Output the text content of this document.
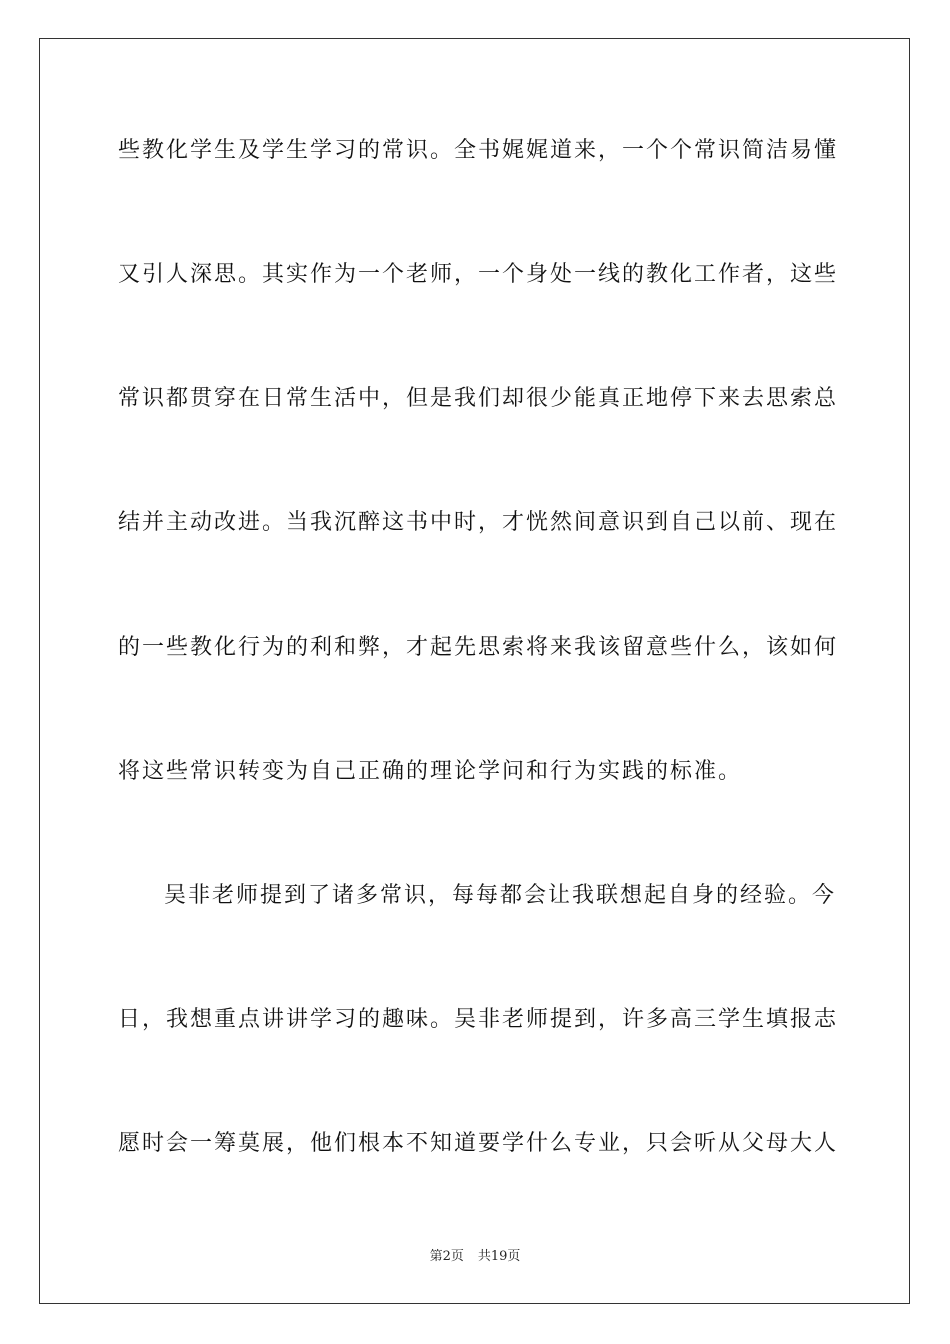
些教化学生及学生学习的常识。全书娓娓道来，一个个常识简洁易懂
又引人深思。其实作为一个老师，一个身处一线的教化工作者，这些
常识都贯穿在日常生活中，但是我们却很少能真正地停下来去思索总
结并主动改进。当我沉醉这书中时，才恍然间意识到自己以前、现在
的一些教化行为的利和弊，才起先思索将来我该留意些什么，该如何
将这些常识转变为自己正确的理论学问和行为实践的标准。
吴非老师提到了诸多常识，每每都会让我联想起自身的经验。今
日，我想重点讲讲学习的趣味。吴非老师提到，许多高三学生填报志
愿时会一筹莫展，他们根本不知道要学什么专业，只会听从父母大人
第2页 共19页
